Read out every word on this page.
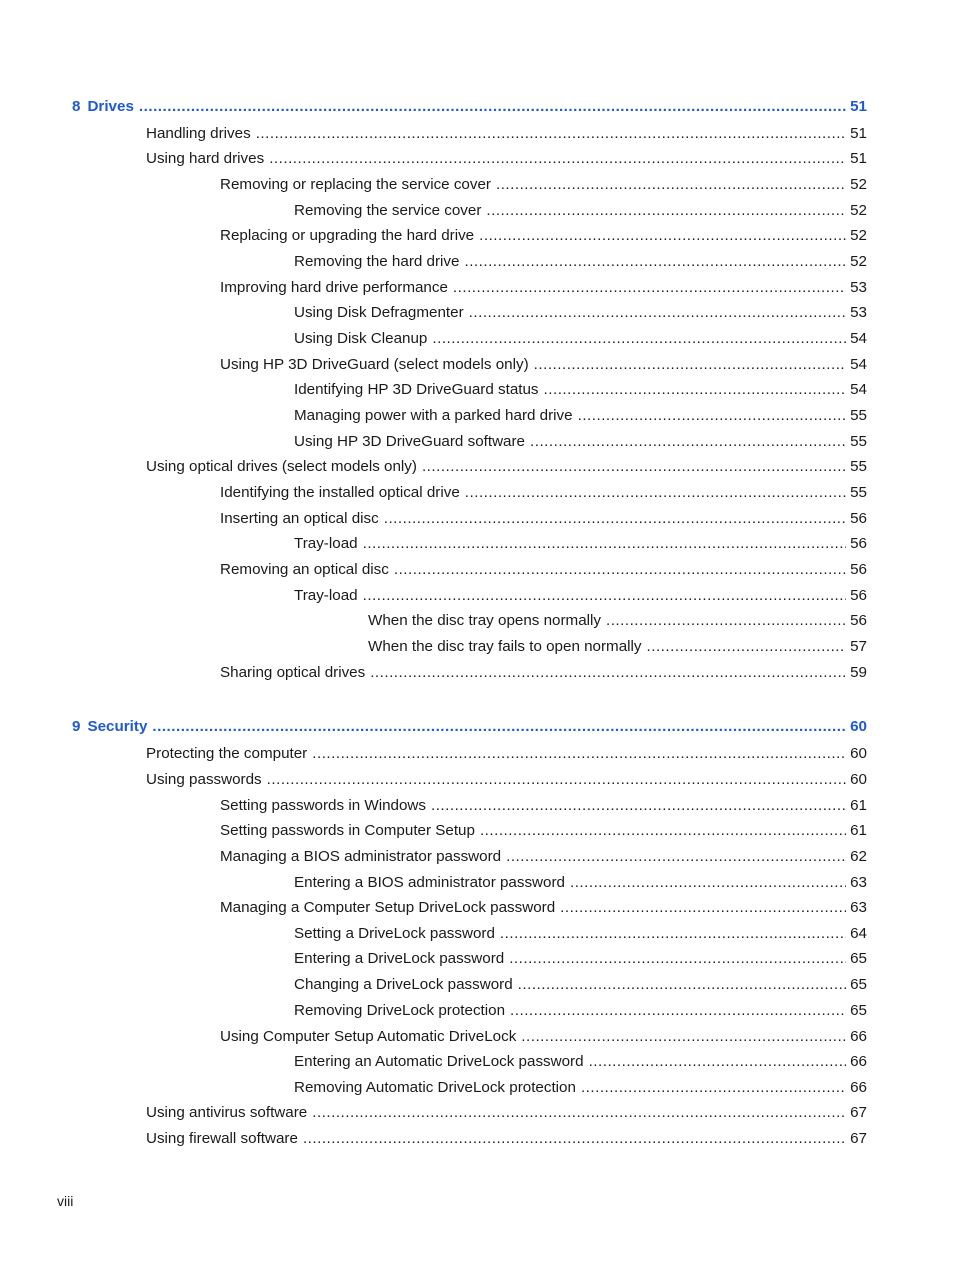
8 Drives .....	51
Handling drives .....	51
Using hard drives .....	51
Removing or replacing the service cover .....	52
Removing the service cover .....	52
Replacing or upgrading the hard drive .....	52
Removing the hard drive .....	52
Improving hard drive performance .....	53
Using Disk Defragmenter .....	53
Using Disk Cleanup .....	54
Using HP 3D DriveGuard (select models only) .....	54
Identifying HP 3D DriveGuard status .....	54
Managing power with a parked hard drive .....	55
Using HP 3D DriveGuard software .....	55
Using optical drives (select models only) .....	55
Identifying the installed optical drive .....	55
Inserting an optical disc .....	56
Tray-load .....	56
Removing an optical disc .....	56
Tray-load .....	56
When the disc tray opens normally .....	56
When the disc tray fails to open normally .....	57
Sharing optical drives .....	59
9 Security .....	60
Protecting the computer .....	60
Using passwords .....	60
Setting passwords in Windows .....	61
Setting passwords in Computer Setup .....	61
Managing a BIOS administrator password .....	62
Entering a BIOS administrator password .....	63
Managing a Computer Setup DriveLock password .....	63
Setting a DriveLock password .....	64
Entering a DriveLock password .....	65
Changing a DriveLock password .....	65
Removing DriveLock protection .....	65
Using Computer Setup Automatic DriveLock .....	66
Entering an Automatic DriveLock password .....	66
Removing Automatic DriveLock protection .....	66
Using antivirus software .....	67
Using firewall software .....	67
viii
